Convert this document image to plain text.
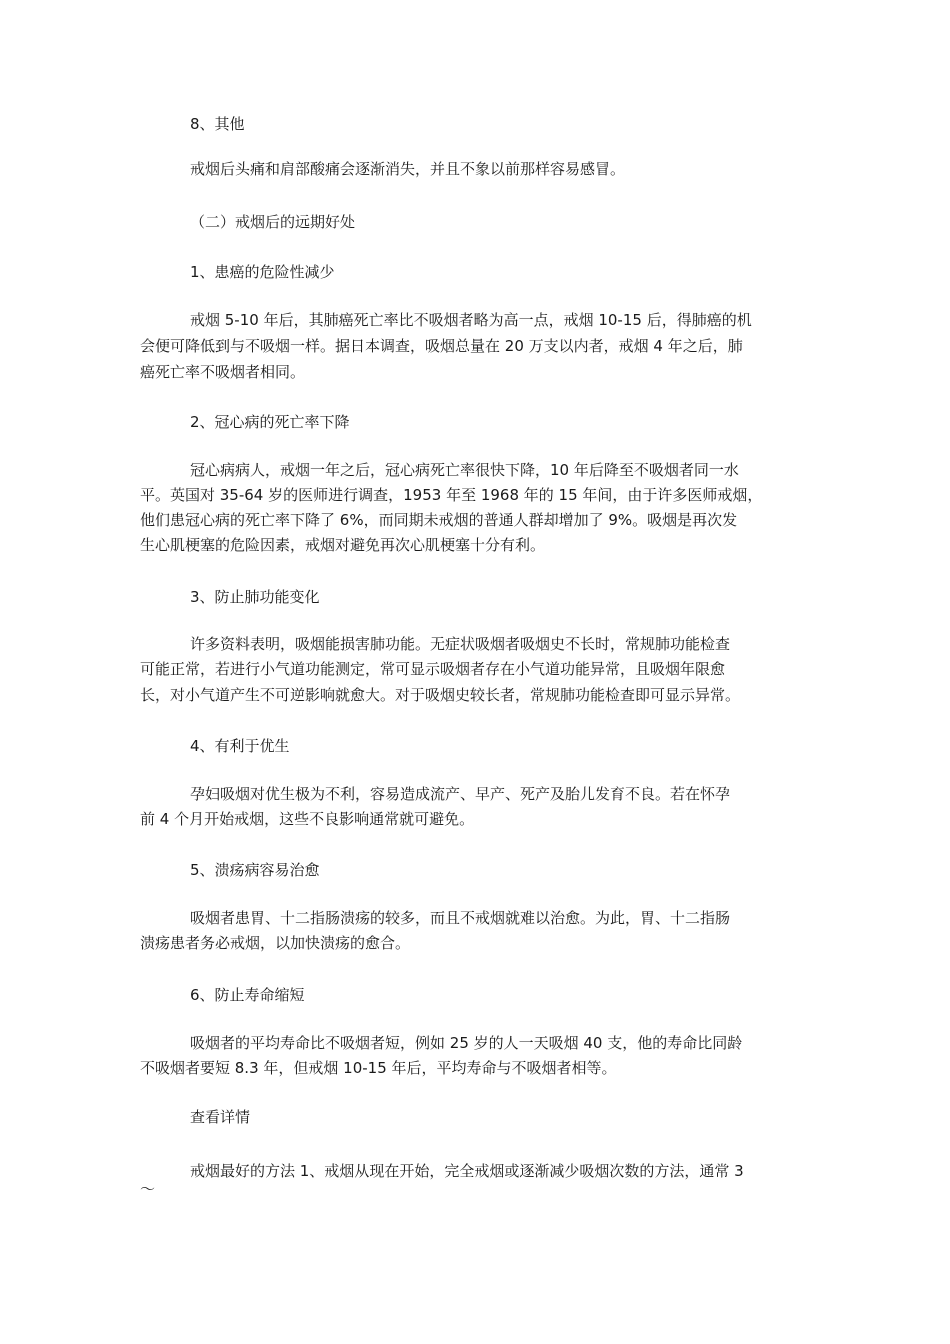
8、其他

戒烟后头痛和肩部酸痛会逐渐消失，并且不象以前那样容易感冒。

（二）戒烟后的远期好处

1、患癌的危险性减少

戒烟 5-10 年后，其肺癌死亡率比不吸烟者略为高一点，戒烟 10-15 后，得肺癌的机

会便可降低到与不吸烟一样。据日本调查，吸烟总量在 20 万支以内者，戒烟 4 年之后，肺

癌死亡率不吸烟者相同。

2、冠心病的死亡率下降

冠心病病人，戒烟一年之后，冠心病死亡率很快下降，10 年后降至不吸烟者同一水

平。英国对 35-64 岁的医师进行调查，1953 年至 1968 年的 15 年间，由于许多医师戒烟，

他们患冠心病的死亡率下降了 6%，而同期未戒烟的普通人群却增加了 9%。吸烟是再次发

生心肌梗塞的危险因素，戒烟对避免再次心肌梗塞十分有利。

3、防止肺功能变化

许多资料表明，吸烟能损害肺功能。无症状吸烟者吸烟史不长时，常规肺功能检查

可能正常，若进行小气道功能测定，常可显示吸烟者存在小气道功能异常，且吸烟年限愈

长，对小气道产生不可逆影响就愈大。对于吸烟史较长者，常规肺功能检查即可显示异常。

4、有利于优生

孕妇吸烟对优生极为不利，容易造成流产、早产、死产及胎儿发育不良。若在怀孕

前 4 个月开始戒烟，这些不良影响通常就可避免。

5、溃疡病容易治愈

吸烟者患胃、十二指肠溃疡的较多，而且不戒烟就难以治愈。为此，胃、十二指肠

溃疡患者务必戒烟，以加快溃疡的愈合。

6、防止寿命缩短

吸烟者的平均寿命比不吸烟者短，例如 25 岁的人一天吸烟 40 支，他的寿命比同龄

不吸烟者要短 8.3 年，但戒烟 10-15 年后，平均寿命与不吸烟者相等。

查看详情

戒烟最好的方法 1、戒烟从现在开始，完全戒烟或逐渐减少吸烟次数的方法，通常 3

～
